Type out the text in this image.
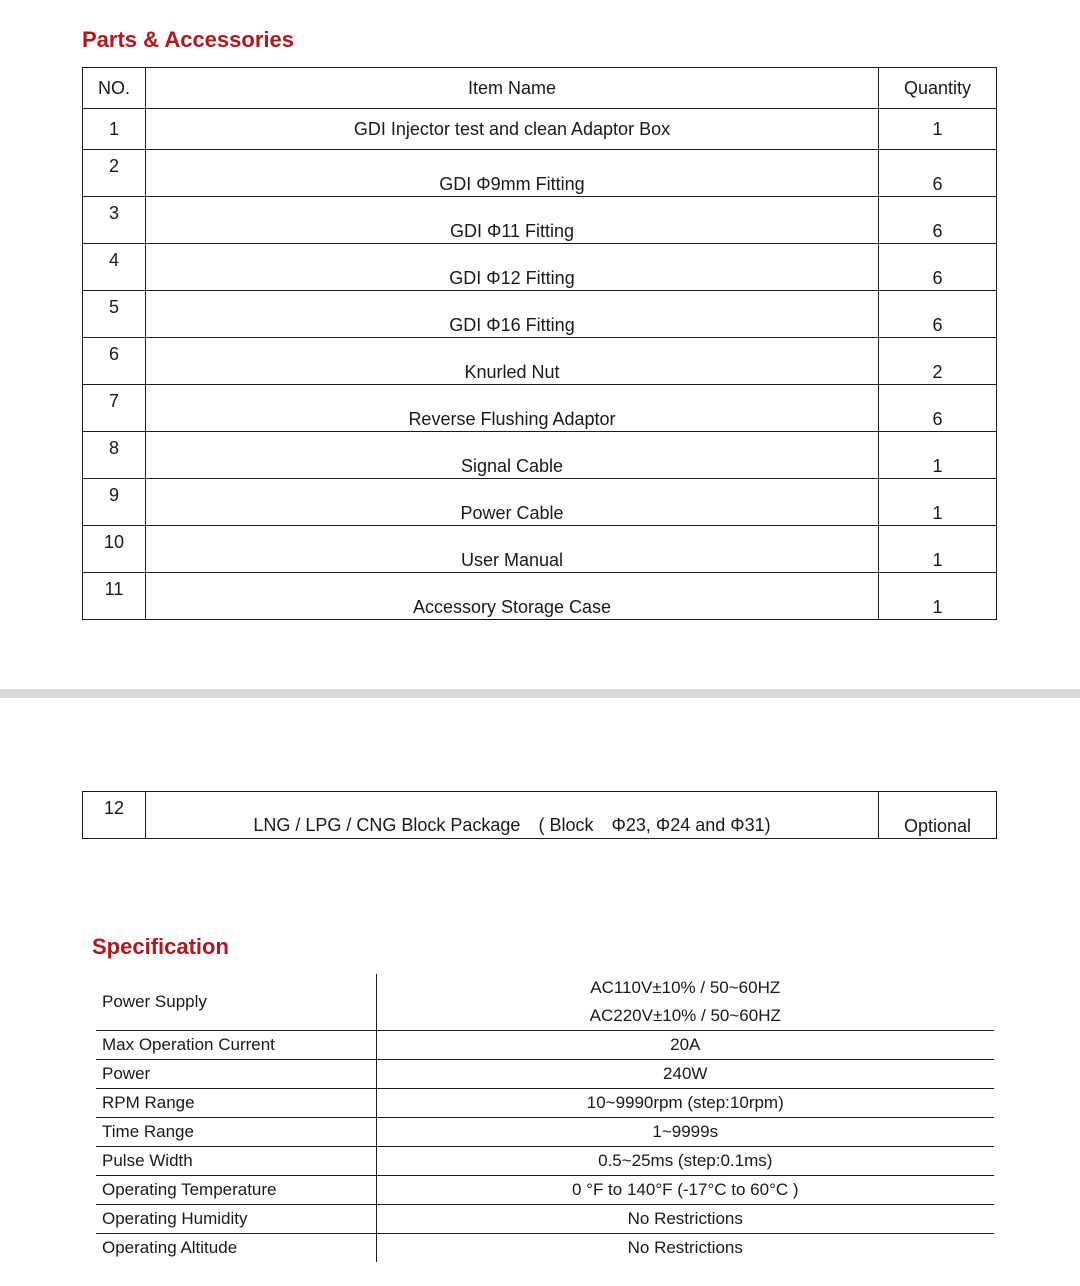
Parts & Accessories
NO.	Item Name	Quantity
1	GDI Injector test and clean Adaptor Box	1
2	GDI Φ9mm Fitting	6
3	GDI Φ11 Fitting	6
4	GDI Φ12 Fitting	6
5	GDI Φ16 Fitting	6
6	Knurled Nut	2
7	Reverse Flushing Adaptor	6
8	Signal Cable	1
9	Power Cable	1
10	User Manual	1
11	Accessory Storage Case	1
12	LNG / LPG / CNG Block Package　( Block　Φ23, Φ24 and Φ31)	Optional
Specification
Power Supply	AC110V±10% / 50~60HZ
AC220V±10% / 50~60HZ

Max Operation Current	20A

Power	240W

RPM Range	10~9990rpm (step:10rpm)

Time Range	1~9999s

Pulse Width	0.5~25ms (step:0.1ms)

Operating Temperature	0 °F to 140°F (-17°C to 60°C )

Operating Humidity	No Restrictions

Operating Altitude	No Restrictions
